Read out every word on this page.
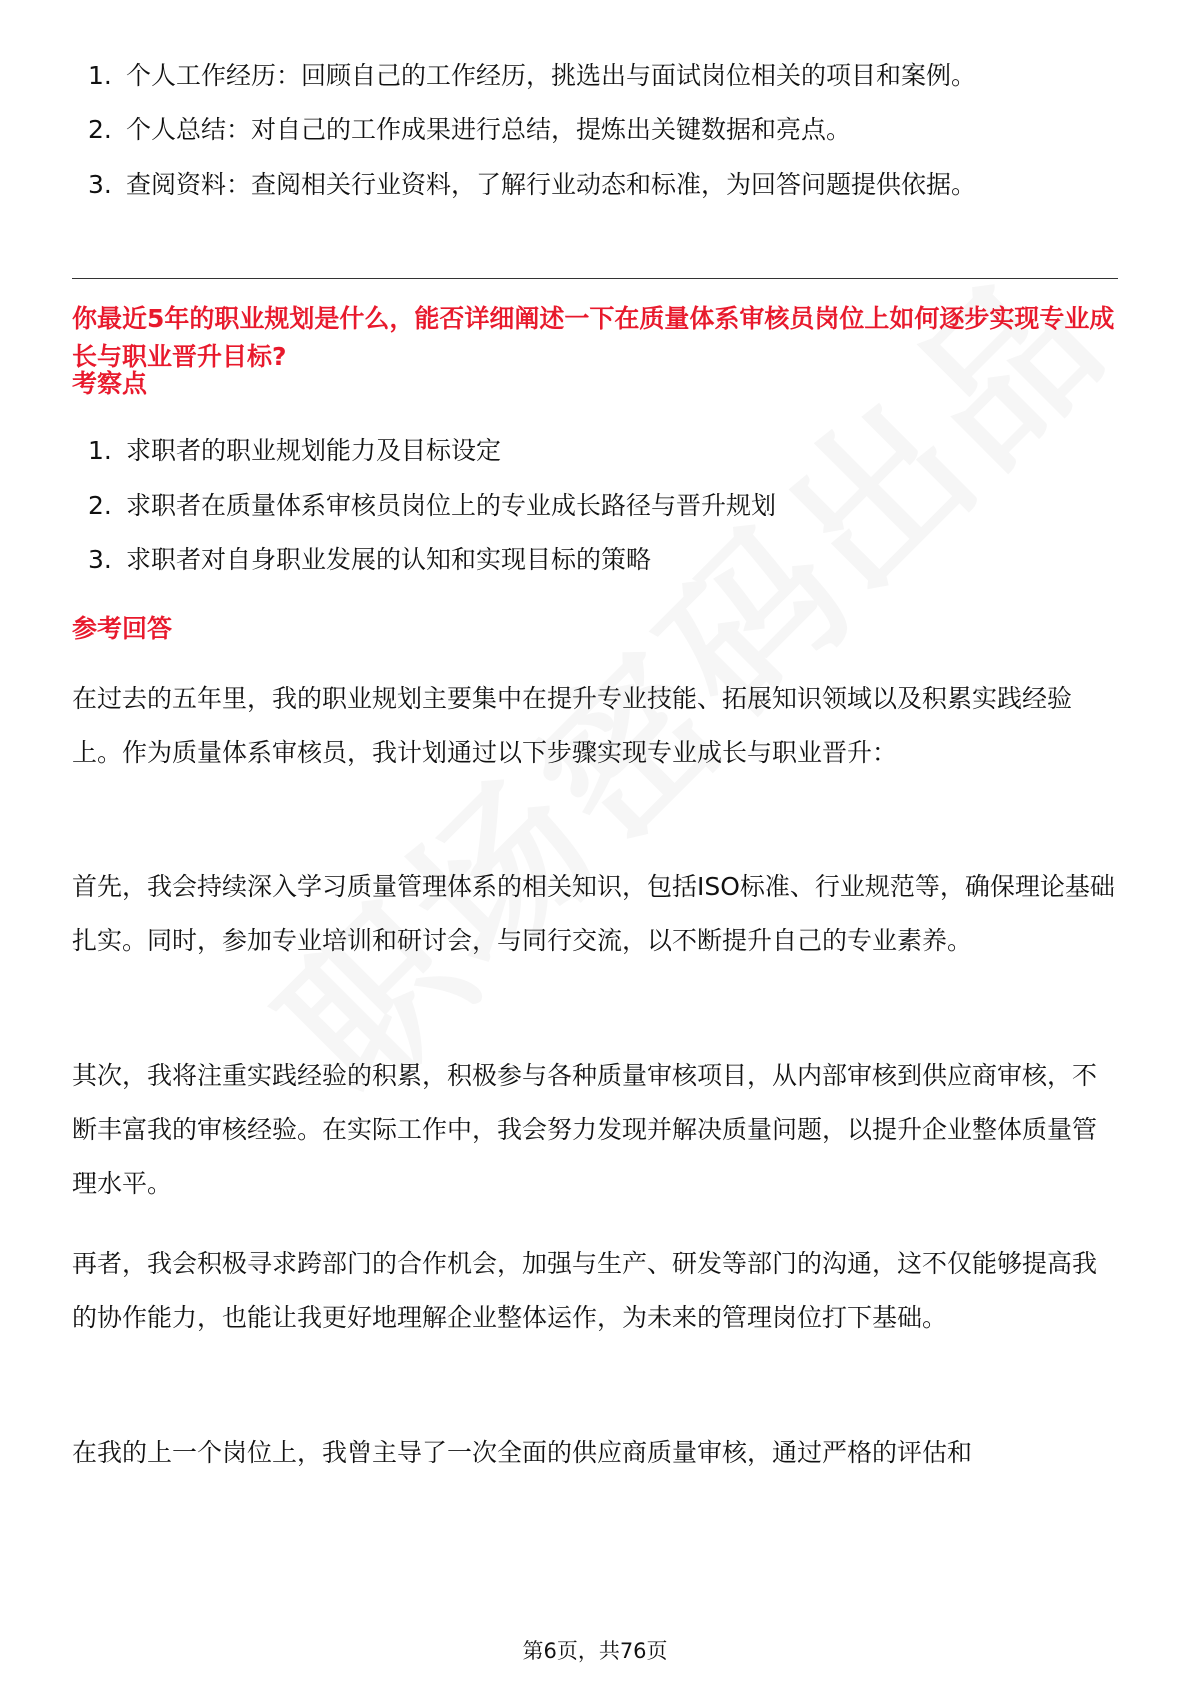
1. 个人工作经历：回顾自己的工作经历，挑选出与面试岗位相关的项目和案例。
2. 个人总结：对自己的工作成果进行总结，提炼出关键数据和亮点。
3. 查阅资料：查阅相关行业资料，了解行业动态和标准，为回答问题提供依据。
你最近5年的职业规划是什么，能否详细阐述一下在质量体系审核员岗位上如何逐步实现专业成长与职业晋升目标?
考察点
1. 求职者的职业规划能力及目标设定
2. 求职者在质量体系审核员岗位上的专业成长路径与晋升规划
3. 求职者对自身职业发展的认知和实现目标的策略
参考回答

在过去的五年里，我的职业规划主要集中在提升专业技能、拓展知识领域以及积累实践经验上。作为质量体系审核员，我计划通过以下步骤实现专业成长与职业晋升：

首先，我会持续深入学习质量管理体系的相关知识，包括ISO标准、行业规范等，确保理论基础扎实。同时，参加专业培训和研讨会，与同行交流，以不断提升自己的专业素养。

其次，我将注重实践经验的积累，积极参与各种质量审核项目，从内部审核到供应商审核，不断丰富我的审核经验。在实际工作中，我会努力发现并解决质量问题，以提升企业整体质量管理水平。

再者，我会积极寻求跨部门的合作机会，加强与生产、研发等部门的沟通，这不仅能够提高我的协作能力，也能让我更好地理解企业整体运作，为未来的管理岗位打下基础。

在我的上一个岗位上，我曾主导了一次全面的供应商质量审核，通过严格的评估和

第6页，共76页
